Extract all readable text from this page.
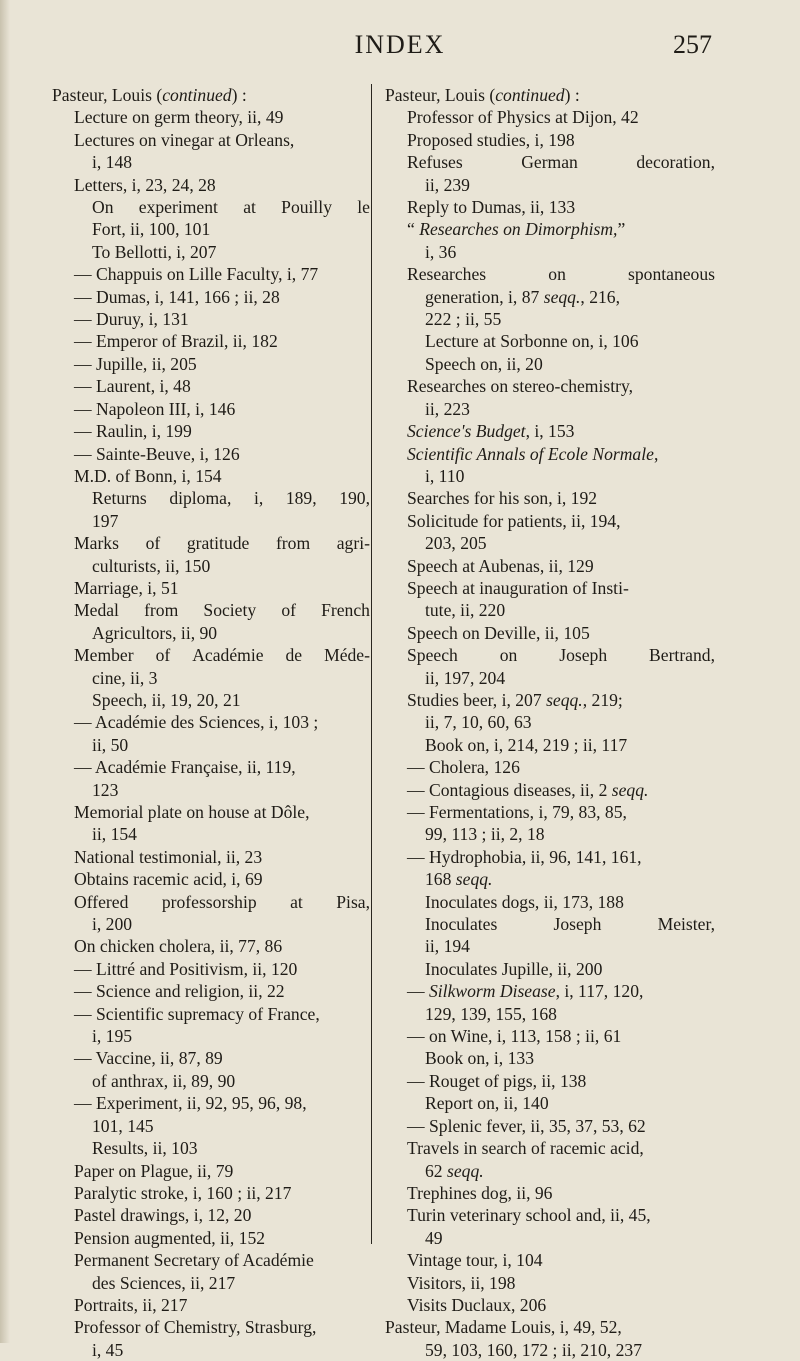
INDEX	257
Pasteur, Louis (continued) :
Lecture on germ theory, ii, 49
Lectures on vinegar at Orleans,
i, 148
Letters, i, 23, 24, 28
On experiment at Pouilly le
Fort, ii, 100, 101
To Bellotti, i, 207
— Chappuis on Lille Faculty, i, 77
— Dumas, i, 141, 166 ; ii, 28
— Duruy, i, 131
— Emperor of Brazil, ii, 182
— Jupille, ii, 205
— Laurent, i, 48
— Napoleon III, i, 146
— Raulin, i, 199
— Sainte-Beuve, i, 126
M.D. of Bonn, i, 154
Returns diploma, i, 189, 190,
197
Marks of gratitude from agri-
culturists, ii, 150
Marriage, i, 51
Medal from Society of French
Agricultors, ii, 90
Member of Académie de Méde-
cine, ii, 3
Speech, ii, 19, 20, 21
— Académie des Sciences, i, 103 ;
ii, 50
— Académie Française, ii, 119,
123
Memorial plate on house at Dôle,
ii, 154
National testimonial, ii, 23
Obtains racemic acid, i, 69
Offered professorship at Pisa,
i, 200
On chicken cholera, ii, 77, 86
— Littré and Positivism, ii, 120
— Science and religion, ii, 22
— Scientific supremacy of France,
i, 195
— Vaccine, ii, 87, 89
of anthrax, ii, 89, 90
— Experiment, ii, 92, 95, 96, 98,
101, 145
Results, ii, 103
Paper on Plague, ii, 79
Paralytic stroke, i, 160 ; ii, 217
Pastel drawings, i, 12, 20
Pension augmented, ii, 152
Permanent Secretary of Académie
des Sciences, ii, 217
Portraits, ii, 217
Professor of Chemistry, Strasburg,
i, 45
Pasteur, Louis (continued) :
Professor of Physics at Dijon, 42
Proposed studies, i, 198
Refuses	German	decoration,
ii, 239
Reply to Dumas, ii, 133
“ Researches on Dimorphism,”
i, 36
Researches	on	spontaneous
generation, i, 87 seqq., 216,
222 ; ii, 55
Lecture at Sorbonne on, i, 106
Speech on, ii, 20
Researches on stereo-chemistry,
ii, 223
Science's Budget, i, 153
Scientific Annals of Ecole Normale,
i, 110
Searches for his son, i, 192
Solicitude for patients, ii, 194,
203, 205
Speech at Aubenas, ii, 129
Speech at inauguration of Insti-
tute, ii, 220
Speech on Deville, ii, 105
Speech on Joseph Bertrand,
ii, 197, 204
Studies beer, i, 207 seqq., 219;
ii, 7, 10, 60, 63
Book on, i, 214, 219 ; ii, 117
— Cholera, 126
— Contagious diseases, ii, 2 seqq.
— Fermentations, i, 79, 83, 85,
99, 113 ; ii, 2, 18
— Hydrophobia, ii, 96, 141, 161,
168 seqq.
Inoculates dogs, ii, 173, 188
Inoculates	Joseph	Meister,
ii, 194
Inoculates Jupille, ii, 200
— Silkworm Disease, i, 117, 120,
129, 139, 155, 168
— on Wine, i, 113, 158 ; ii, 61
Book on, i, 133
— Rouget of pigs, ii, 138
Report on, ii, 140
— Splenic fever, ii, 35, 37, 53, 62
Travels in search of racemic acid,
62 seqq.
Trephines dog, ii, 96
Turin veterinary school and, ii, 45,
49
Vintage tour, i, 104
Visitors, ii, 198
Visits Duclaux, 206
Pasteur, Madame Louis, i, 49, 52,
59, 103, 160, 172 ; ii, 210, 237
